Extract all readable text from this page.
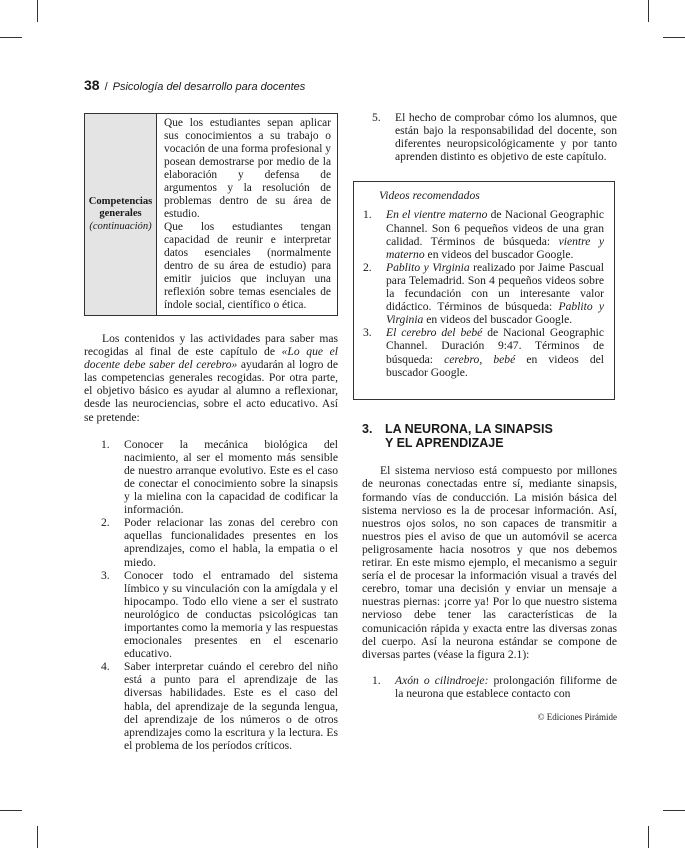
38 / Psicología del desarrollo para docentes
Competencias generales
(continuación)
Que los estudiantes sepan aplicar sus conocimientos a su trabajo o vocación de una forma profesional y posean demostrarse por medio de la elaboración y defensa de argumentos y la resolución de problemas dentro de su área de estudio.
Que los estudiantes tengan capacidad de reunir e interpretar datos esenciales (normalmente dentro de su área de estudio) para emitir juicios que incluyan una reflexión sobre temas esenciales de índole social, científico o ética.

Los contenidos y las actividades para saber mas recogidas al final de este capítulo de «Lo que el docente debe saber del cerebro» ayudarán al logro de las competencias generales recogidas. Por otra parte, el objetivo básico es ayudar al alumno a reflexionar, desde las neurociencias, sobre el acto educativo. Así se pretende:

1. Conocer la mecánica biológica del nacimiento, al ser el momento más sensible de nuestro arranque evolutivo. Este es el caso de conectar el conocimiento sobre la sinapsis y la mielina con la capacidad de codificar la información.
2. Poder relacionar las zonas del cerebro con aquellas funcionalidades presentes en los aprendizajes, como el habla, la empatia o el miedo.
3. Conocer todo el entramado del sistema límbico y su vinculación con la amígdala y el hipocampo. Todo ello viene a ser el sustrato neurológico de conductas psicológicas tan importantes como la memoria y las respuestas emocionales presentes en el escenario educativo.
4. Saber interpretar cuándo el cerebro del niño está a punto para el aprendizaje de las diversas habilidades. Este es el caso del habla, del aprendizaje de la segunda lengua, del aprendizaje de los números o de otros aprendizajes como la escritura y la lectura. Es el problema de los períodos críticos.
5. El hecho de comprobar cómo los alumnos, que están bajo la responsabilidad del docente, son diferentes neuropsicológicamente y por tanto aprenden distinto es objetivo de este capítulo.
Videos recomendados
1. En el vientre materno de Nacional Geographic Channel. Son 6 pequeños videos de una gran calidad. Términos de búsqueda: vientre y materno en videos del buscador Google.
2. Pablito y Virginia realizado por Jaime Pascual para Telemadrid. Son 4 pequeños videos sobre la fecundación con un interesante valor didáctico. Términos de búsqueda: Pablito y Virginia en videos del buscador Google.
3. El cerebro del bebé de Nacional Geographic Channel. Duración 9:47. Términos de búsqueda: cerebro, bebé en videos del buscador Google.
3. LA NEURONA, LA SINAPSIS
Y EL APRENDIZAJE

El sistema nervioso está compuesto por millones de neuronas conectadas entre sí, mediante sinapsis, formando vías de conducción. La misión básica del sistema nervioso es la de procesar información. Así, nuestros ojos solos, no son capaces de transmitir a nuestros pies el aviso de que un automóvil se acerca peligrosamente hacia nosotros y que nos debemos retirar. En este mismo ejemplo, el mecanismo a seguir sería el de procesar la información visual a través del cerebro, tomar una decisión y enviar un mensaje a nuestras piernas: ¡corre ya! Por lo que nuestro sistema nervioso debe tener las características de la comunicación rápida y exacta entre las diversas zonas del cuerpo. Así la neurona estándar se compone de diversas partes (véase la figura 2.1):

1. Axón o cilindroeje: prolongación filiforme de la neurona que establece contacto con
© Ediciones Pirámide
